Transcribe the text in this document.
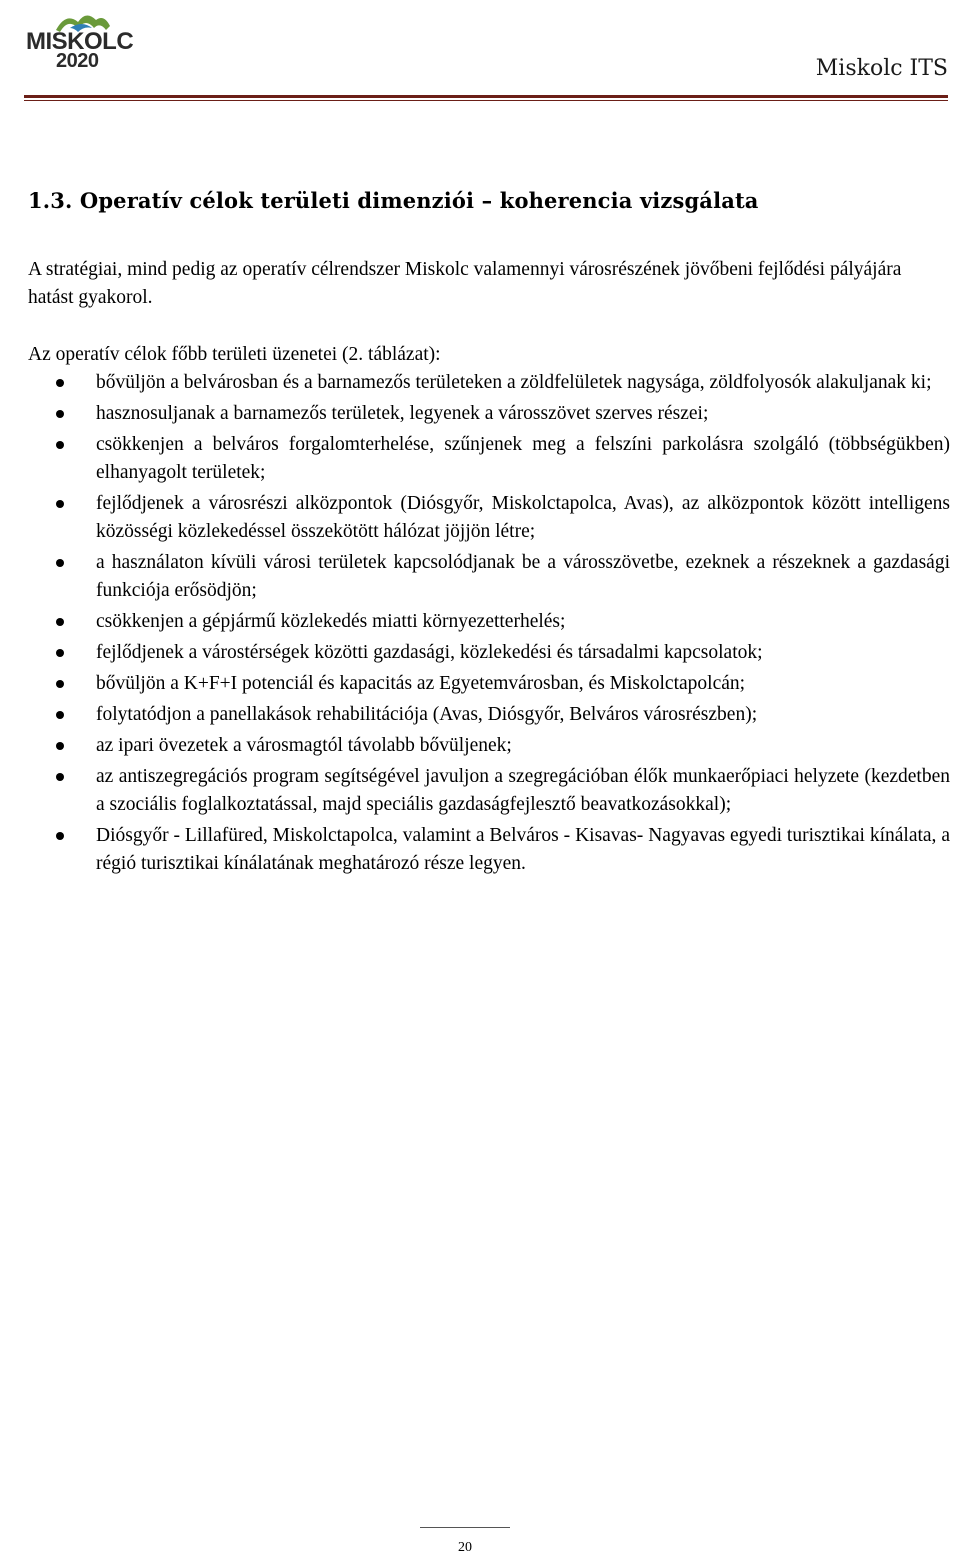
MISKOLC
2020	Miskolc ITS
1.3. Operatív célok területi dimenziói – koherencia vizsgálata

A stratégiai, mind pedig az operatív célrendszer Miskolc valamennyi városrészének jövőbeni fejlődési pályájára hatást gyakorol.

Az operatív célok főbb területi üzenetei (2. táblázat):

bővüljön a belvárosban és a barnamezős területeken a zöldfelületek nagysága, zöldfolyosók alakuljanak ki;
hasznosuljanak a barnamezős területek, legyenek a városszövet szerves részei;
csökkenjen a belváros forgalomterhelése, szűnjenek meg a felszíni parkolásra szolgáló (többségükben) elhanyagolt területek;
fejlődjenek a városrészi alközpontok (Diósgyőr, Miskolctapolca, Avas), az alközpontok között intelligens közösségi közlekedéssel összekötött hálózat jöjjön létre;
a használaton kívüli városi területek kapcsolódjanak be a városszövetbe, ezeknek a részeknek a gazdasági funkciója erősödjön;
csökkenjen a gépjármű közlekedés miatti környezetterhelés;
fejlődjenek a várostérségek közötti gazdasági, közlekedési és társadalmi kapcsolatok;
bővüljön a K+F+I potenciál és kapacitás az Egyetemvárosban, és Miskolctapolcán;
folytatódjon a panellakások rehabilitációja (Avas, Diósgyőr, Belváros városrészben);
az ipari övezetek a városmagtól távolabb bővüljenek;
az antiszegregációs program segítségével javuljon a szegregációban élők munkaerőpiaci helyzete (kezdetben a szociális foglalkoztatással, majd speciális gazdaságfejlesztő beavatkozásokkal);
Diósgyőr - Lillafüred, Miskolctapolca, valamint a Belváros - Kisavas- Nagyavas egyedi turisztikai kínálata, a régió turisztikai kínálatának meghatározó része legyen.
20
